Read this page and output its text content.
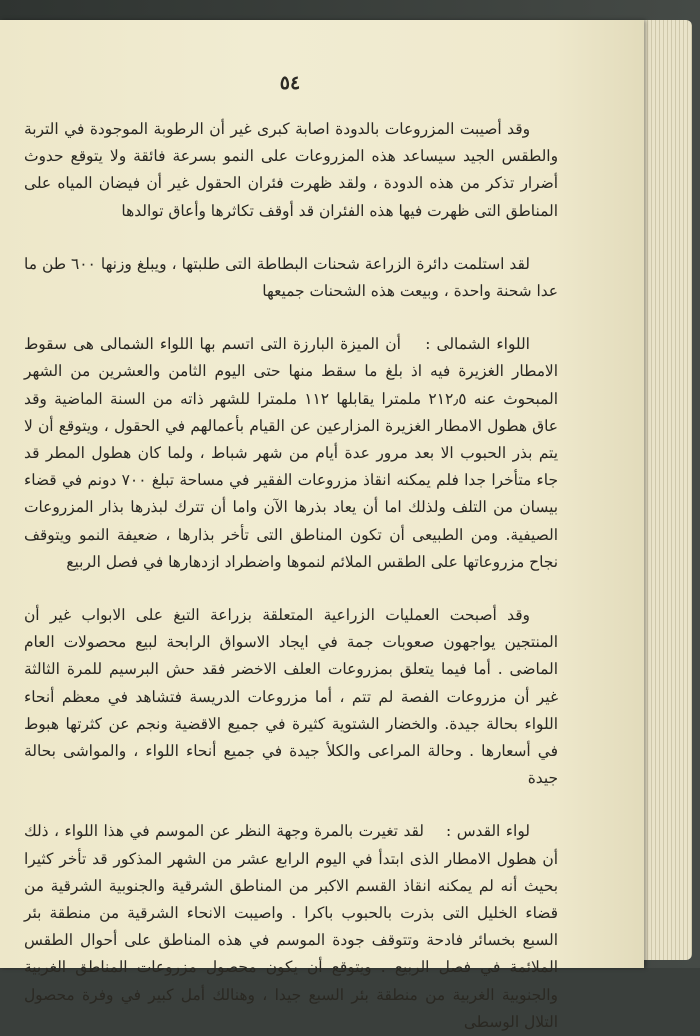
٥٤

وقد أصيبت المزروعات بالدودة اصابة كبرى غير أن الرطوبة الموجودة في التربة والطقس الجيد سيساعد هذه المزروعات على النمو بسرعة فائقة ولا يتوقع حدوث أضرار تذكر من هذه الدودة ، ولقد ظهرت فئران الحقول غير أن فيضان المياه على المناطق التى ظهرت فيها هذه الفئران قد أوقف تكاثرها وأعاق توالدها

لقد استلمت دائرة الزراعة شحنات البطاطة التى طلبتها ، ويبلغ وزنها ٦٠٠ طن ما عدا شحنة واحدة ، وبيعت هذه الشحنات جميعها

اللواء الشمالى :    أن الميزة البارزة التى اتسم بها اللواء الشمالى هى سقوط الامطار الغزيرة فيه اذ بلغ ما سقط منها حتى اليوم الثامن والعشرين من الشهر المبحوث عنه ٢١٢٫٥ ملمترا يقابلها ١١٢ ملمترا للشهر ذاته من السنة الماضية وقد عاق هطول الامطار الغزيرة المزارعين عن القيام بأعمالهم في الحقول ، ويتوقع أن لا يتم بذر الحبوب الا بعد مرور عدة أيام من شهر شباط ، ولما كان هطول المطر قد جاء متأخرا جدا فلم يمكنه انقاذ مزروعات الفقير في مساحة تبلغ ٧٠٠ دونم في قضاء بيسان من التلف ولذلك اما أن يعاد بذرها الآن واما أن تترك لبذرها بذار المزروعات الصيفية. ومن الطبيعى أن تكون المناطق التى تأخر بذارها ، ضعيفة النمو ويتوقف نجاح مزروعاتها على الطقس الملائم لنموها واضطراد ازدهارها في فصل الربيع

وقد أصبحت العمليات الزراعية المتعلقة بزراعة التبغ على الابواب غير أن المنتجين يواجهون صعوبات جمة في ايجاد الاسواق الرابحة لبيع محصولات العام الماضى . أما فيما يتعلق بمزروعات العلف الاخضر فقد حش البرسيم للمرة الثالثة غير أن مزروعات الفصة لم تتم ، أما مزروعات الدريسة فتشاهد في معظم أنحاء اللواء بحالة جيدة. والخضار الشتوية كثيرة في جميع الاقضية ونجم عن كثرتها هبوط في أسعارها . وحالة المراعى والكلأ جيدة في جميع أنحاء اللواء ، والمواشى بحالة جيدة

لواء القدس :    لقد تغيرت بالمرة وجهة النظر عن الموسم في هذا اللواء ، ذلك أن هطول الامطار الذى ابتدأ في اليوم الرابع عشر من الشهر المذكور قد تأخر كثيرا بحيث أنه لم يمكنه انقاذ القسم الاكبر من المناطق الشرقية والجنوبية الشرقية من قضاء الخليل التى بذرت بالحبوب باكرا . واصيبت الانحاء الشرقية من منطقة بئر السبع بخسائر فادحة وتتوقف جودة الموسم في هذه المناطق على أحوال الطقس الملائمة في فصل الربيع . ويتوقع أن يكون محصول مزروعات المناطق الغربية والجنوبية الغربية من منطقة بئر السبع جيدا ، وهنالك أمل كبير في وفرة محصول التلال الوسطى
